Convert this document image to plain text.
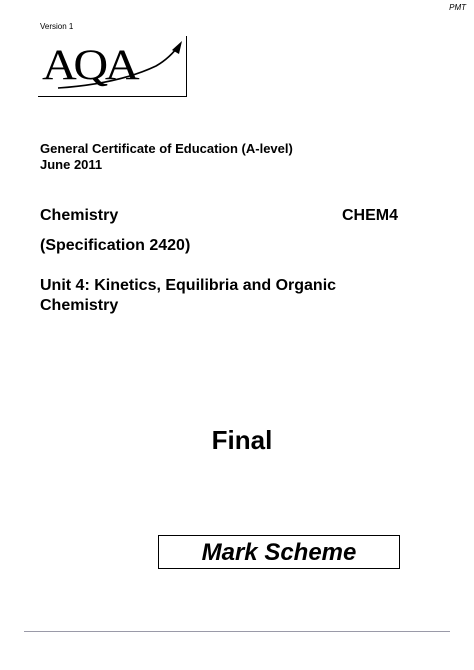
PMT
Version 1
AQA
General Certificate of Education (A-level)
June 2011
Chemistry	CHEM4
(Specification 2420)
Unit 4: Kinetics, Equilibria and Organic
Chemistry
Final
Mark Scheme
